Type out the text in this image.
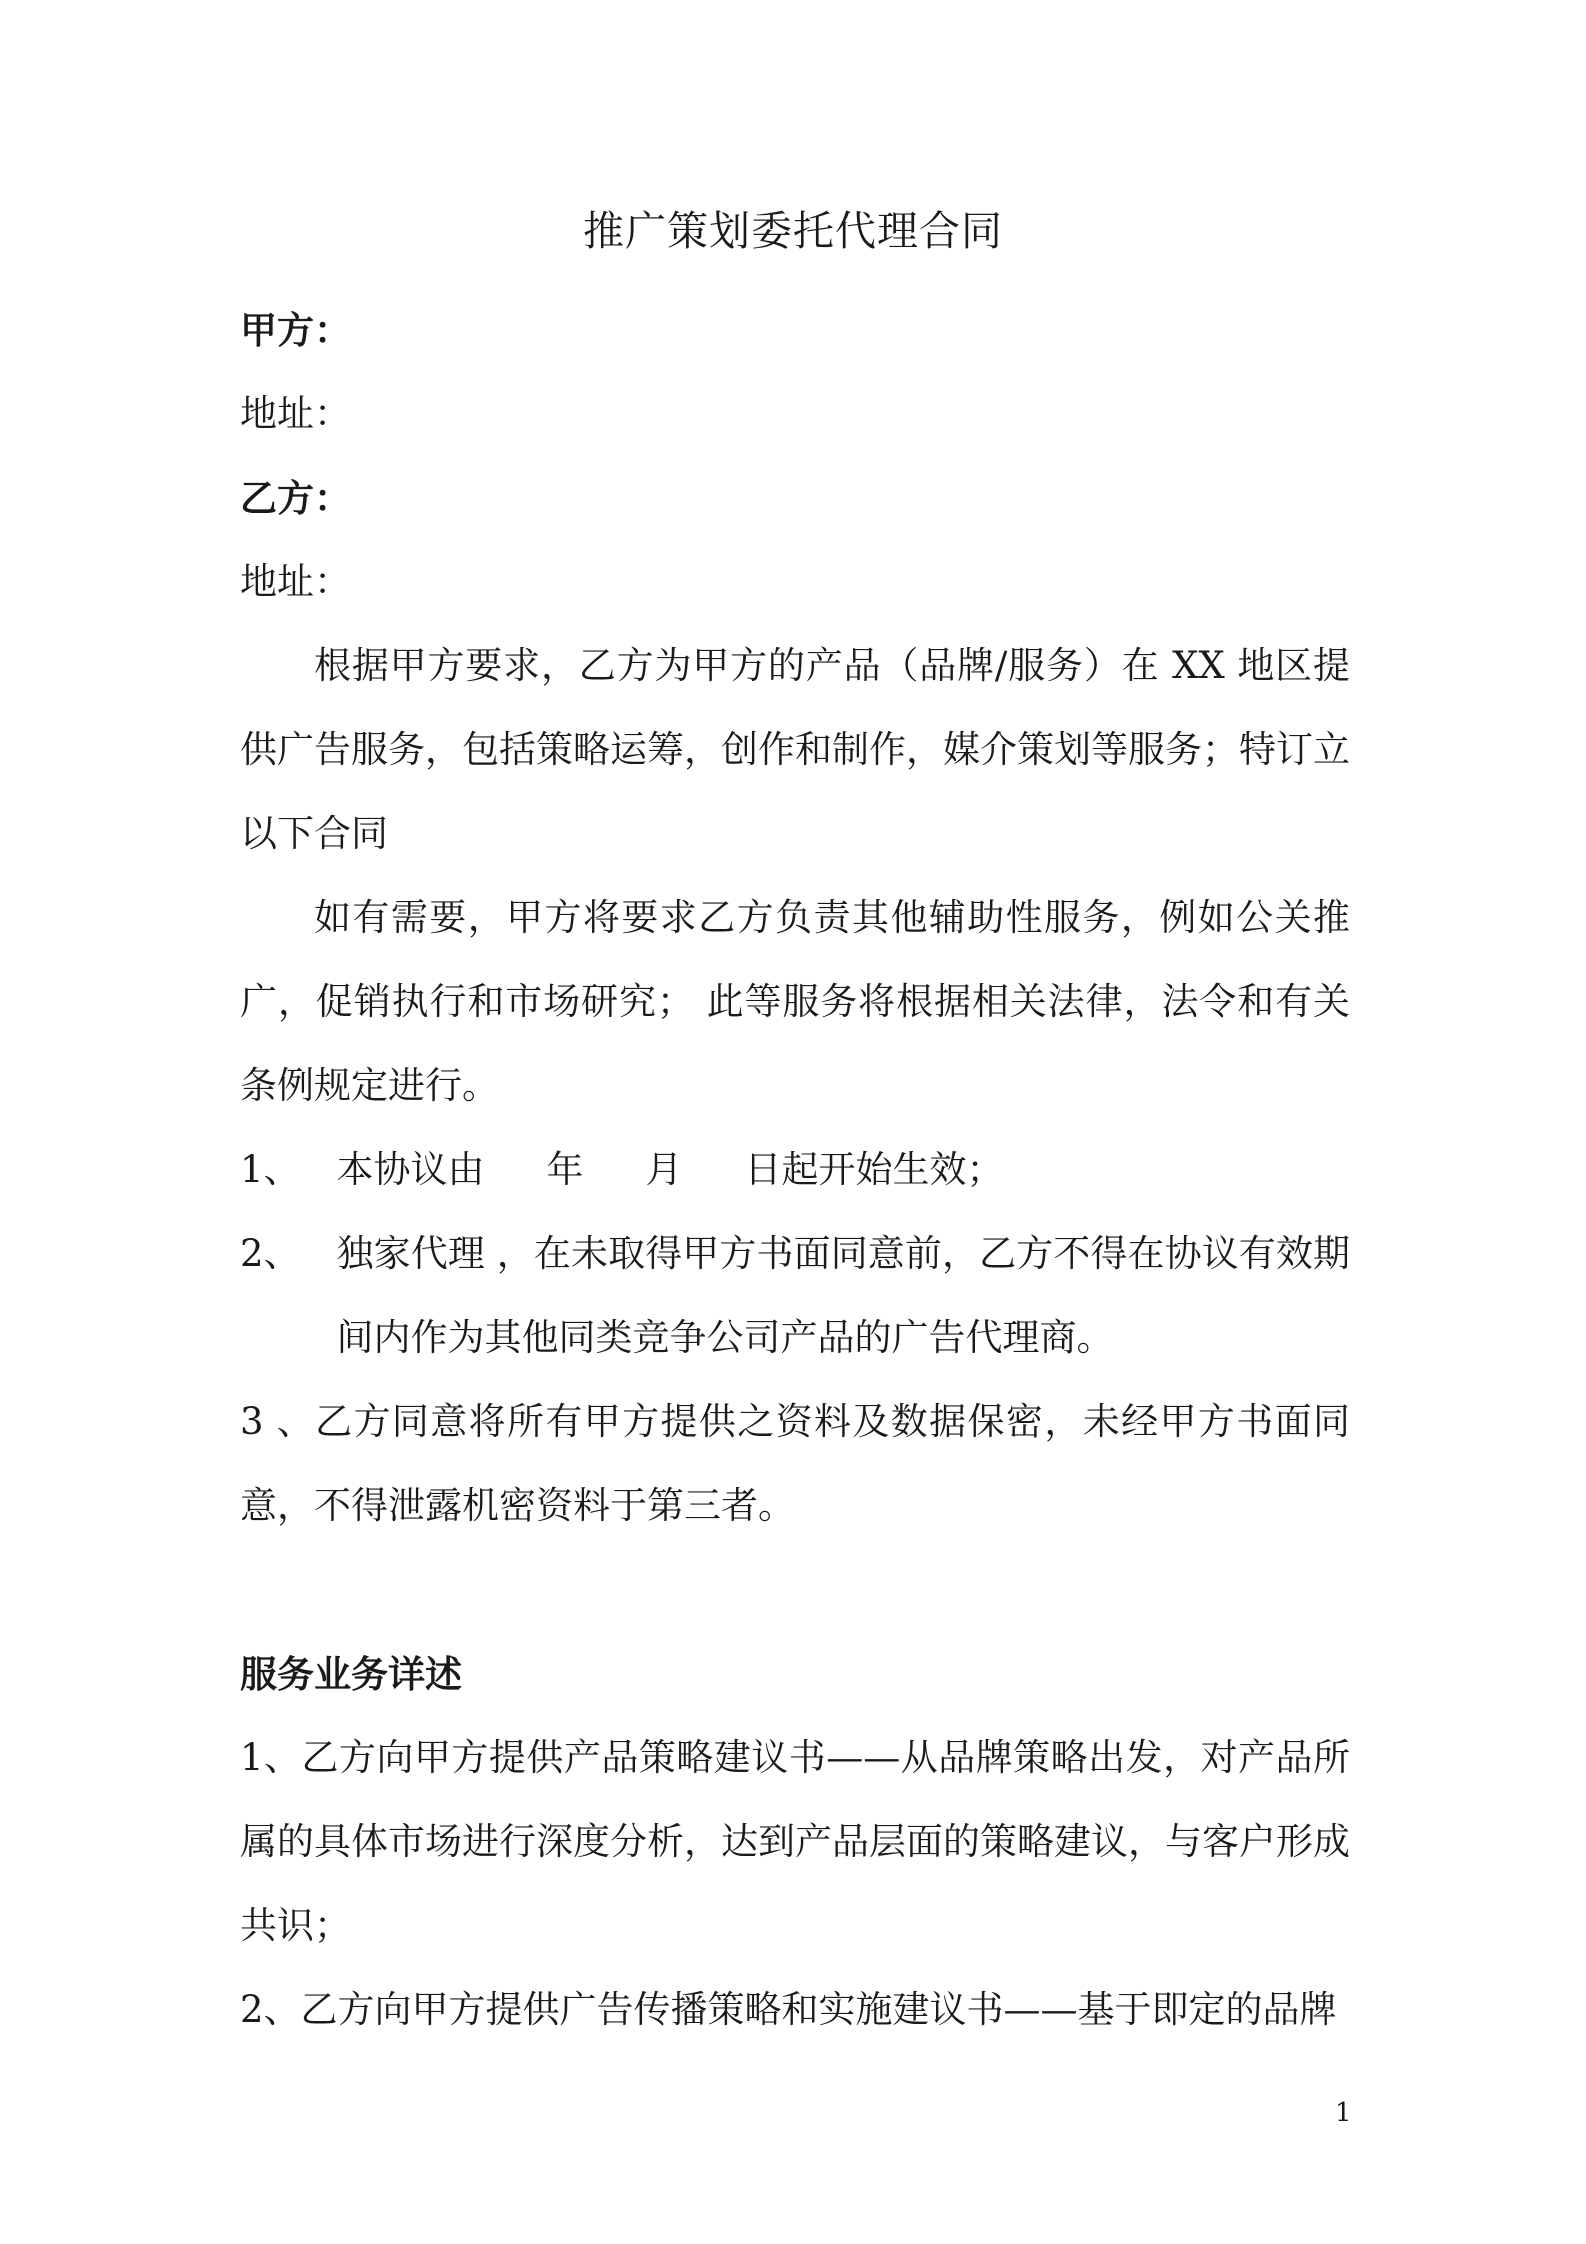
推广策划委托代理合同

甲方：

地址：

乙方：

地址：

根据甲方要求，乙方为甲方的产品（品牌/服务）在 XX 地区提供广告服务，包括策略运筹，创作和制作，媒介策划等服务；特订立以下合同

如有需要，甲方将要求乙方负责其他辅助性服务，例如公关推广，促销执行和市场研究； 此等服务将根据相关法律，法令和有关条例规定进行。

1、 本协议由 年 月 日起开始生效；

2、 独家代理 ，在未取得甲方书面同意前，乙方不得在协议有效期间内作为其他同类竞争公司产品的广告代理商。

3 、乙方同意将所有甲方提供之资料及数据保密，未经甲方书面同意，不得泄露机密资料于第三者。

服务业务详述

1、乙方向甲方提供产品策略建议书——从品牌策略出发，对产品所属的具体市场进行深度分析，达到产品层面的策略建议，与客户形成共识；

2、乙方向甲方提供广告传播策略和实施建议书——基于即定的品牌

1
